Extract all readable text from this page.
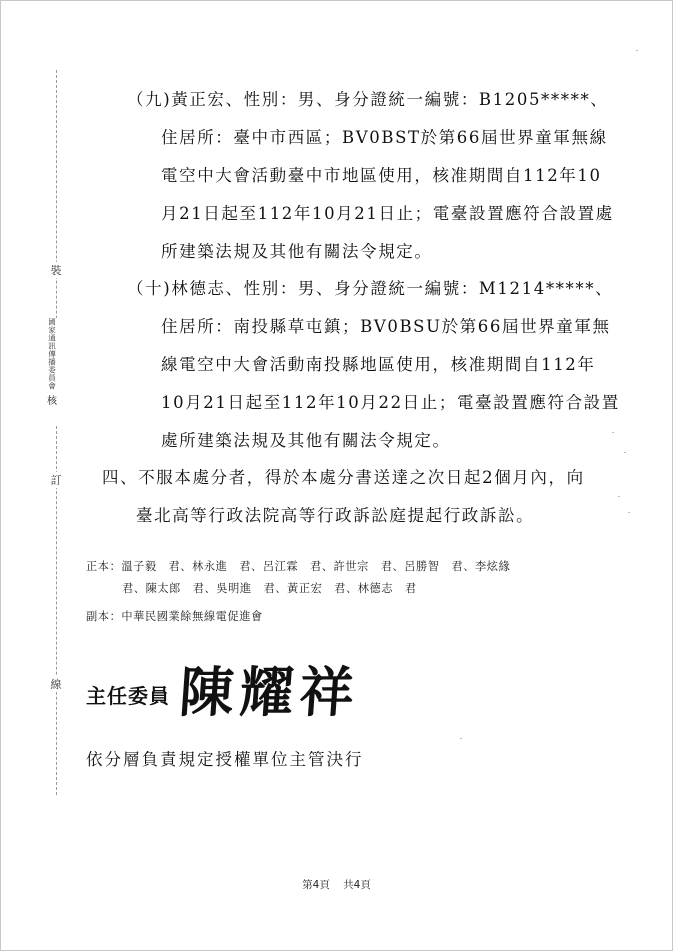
裝
訂
線
國家通訊傳播委員會
核
（九)黃正宏、性別：男、身分證統一編號：B1205*****、
住居所：臺中市西區；BV0BST於第66屆世界童軍無線
電空中大會活動臺中市地區使用，核准期間自112年10
月21日起至112年10月21日止；電臺設置應符合設置處
所建築法規及其他有關法令規定。
（十)林德志、性別：男、身分證統一編號：M1214*****、
住居所：南投縣草屯鎮；BV0BSU於第66屆世界童軍無
線電空中大會活動南投縣地區使用，核准期間自112年
10月21日起至112年10月22日止；電臺設置應符合設置
處所建築法規及其他有關法令規定。
四、不服本處分者，得於本處分書送達之次日起2個月內，向
臺北高等行政法院高等行政訴訟庭提起行政訴訟。
正本：溫子毅　君、林永進　君、呂江霖　君、許世宗　君、呂勝智　君、李炫緣
君、陳太郎　君、吳明進　君、黃正宏　君、林德志　君
副本：中華民國業餘無線電促進會
主任委員 陳耀祥
依分層負責規定授權單位主管決行
第4頁 共4頁
